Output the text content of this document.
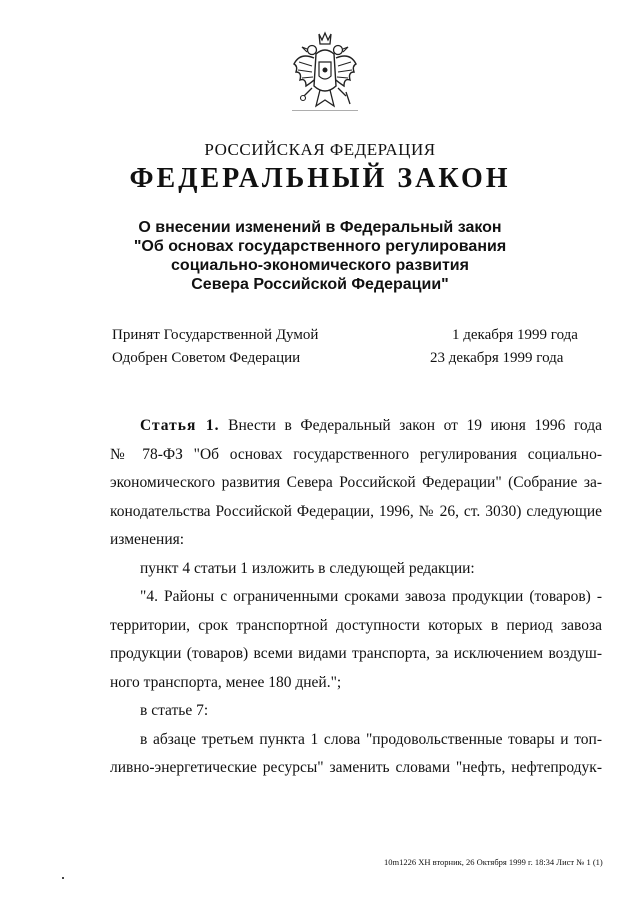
РОССИЙСКАЯ ФЕДЕРАЦИЯ
ФЕДЕРАЛЬНЫЙ ЗАКОН
О внесении изменений в Федеральный закон
"Об основах государственного регулирования
социально-экономического развития
Севера Российской Федерации"
Принят Государственной Думой
Одобрен Советом Федерации
1 декабря 1999 года
23 декабря 1999 года
Статья 1. Внести в Федеральный закон от 19 июня 1996 года
№ 78-ФЗ "Об основах государственного регулирования социально-
экономического развития Севера Российской Федерации" (Собрание за-
конодательства Российской Федерации, 1996, № 26, ст. 3030) следующие
изменения:
пункт 4 статьи 1 изложить в следующей редакции:
"4. Районы с ограниченными сроками завоза продукции (товаров) -
территории, срок транспортной доступности которых в период завоза
продукции (товаров) всеми видами транспорта, за исключением воздуш-
ного транспорта, менее 180 дней.";
в статье 7:
в абзаце третьем пункта 1 слова "продовольственные товары и топ-
ливно-энергетические ресурсы" заменить словами "нефть, нефтепродук-
10m1226 ХН вторник, 26 Октября 1999 г. 18:34 Лист № 1 (1)
